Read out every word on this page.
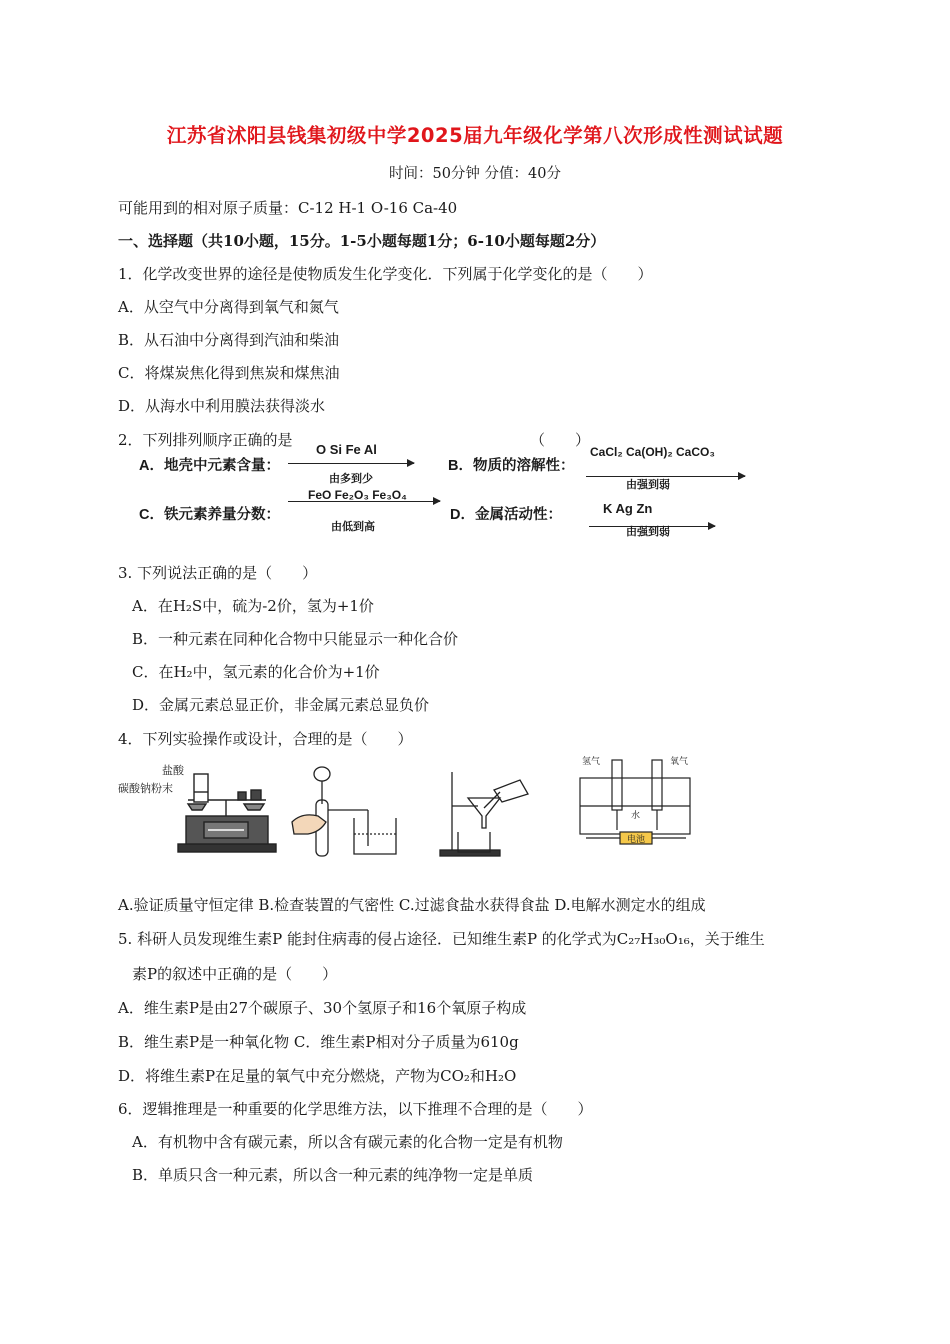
江苏省沭阳县钱集初级中学2025届九年级化学第八次形成性测试试题
时间：50分钟 分值：40分
可能用到的相对原子质量：C-12 H-1 O-16 Ca-40
一、选择题（共10小题，15分。1-5小题每题1分；6-10小题每题2分）
1．化学改变世界的途径是使物质发生化学变化．下列属于化学变化的是（　　）
A．从空气中分离得到氧气和氮气
B．从石油中分离得到汽油和柴油
C．将煤炭焦化得到焦炭和煤焦油
D．从海水中利用膜法获得淡水
2．下列排列顺序正确的是	（　　）
A．地壳中元素含量：
O Si Fe Al
由多到少
B．物质的溶解性：
CaCl₂ Ca(OH)₂ CaCO₃
由强到弱
C．铁元素养量分数：
FeO Fe₂O₃ Fe₃O₄
由低到高
D．金属活动性：	K Ag Zn
由强到弱
3. 下列说法正确的是（　　）
A．在H₂S中，硫为-2价，氢为+1价
B．一种元素在同种化合物中只能显示一种化合价
C．在H₂中，氢元素的化合价为+1价
D．金属元素总显正价，非金属元素总显负价
4．下列实验操作或设计，合理的是（　　）
盐酸
碳酸钠粉末
氢气	氧气
水
电池
A.验证质量守恒定律 B.检查装置的气密性 C.过滤食盐水获得食盐 D.电解水测定水的组成
5. 科研人员发现维生素P 能封住病毒的侵占途径．已知维生素P 的化学式为C₂₇H₃₀O₁₆，关于维生
素P的叙述中正确的是（　　）
A．维生素P是由27个碳原子、30个氢原子和16个氧原子构成
B．维生素P是一种氧化物 C．维生素P相对分子质量为610g
D．将维生素P在足量的氧气中充分燃烧，产物为CO₂和H₂O
6．逻辑推理是一种重要的化学思维方法，以下推理不合理的是（　　）
A．有机物中含有碳元素，所以含有碳元素的化合物一定是有机物
B．单质只含一种元素，所以含一种元素的纯净物一定是单质
